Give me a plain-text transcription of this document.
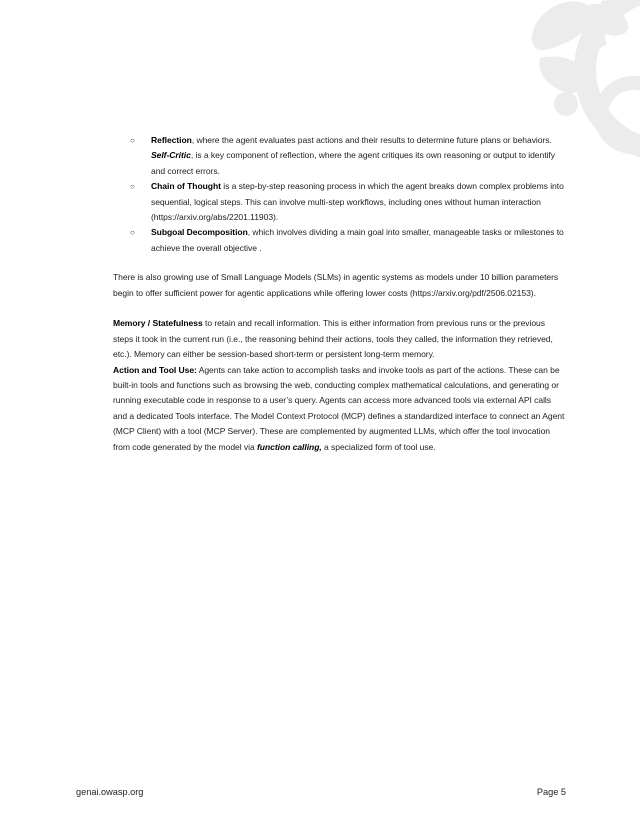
○ Reflection, where the agent evaluates past actions and their results to determine future plans or behaviors. Self-Critic, is a key component of reflection, where the agent critiques its own reasoning or output to identify and correct errors.
○ Chain of Thought is a step-by-step reasoning process in which the agent breaks down complex problems into sequential, logical steps. This can involve multi-step workflows, including ones without human interaction (https://arxiv.org/abs/2201.11903).
○ Subgoal Decomposition, which involves dividing a main goal into smaller, manageable tasks or milestones to achieve the overall objective .

There is also growing use of Small Language Models (SLMs) in agentic systems as models under 10 billion parameters begin to offer sufficient power for agentic applications while offering lower costs (https://arxiv.org/pdf/2506.02153).

Memory / Statefulness to retain and recall information. This is either information from previous runs or the previous steps it took in the current run (i.e., the reasoning behind their actions, tools they called, the information they retrieved, etc.). Memory can either be session-based short-term or persistent long-term memory.

Action and Tool Use: Agents can take action to accomplish tasks and invoke tools as part of the actions. These can be built-in tools and functions such as browsing the web, conducting complex mathematical calculations, and generating or running executable code in response to a user’s query. Agents can access more advanced tools via external API calls and a dedicated Tools interface. The Model Context Protocol (MCP) defines a standardized interface to connect an Agent (MCP Client) with a tool (MCP Server). These are complemented by augmented LLMs, which offer the tool invocation from code generated by the model via function calling, a specialized form of tool use.

genai.owasp.org	Page 5
